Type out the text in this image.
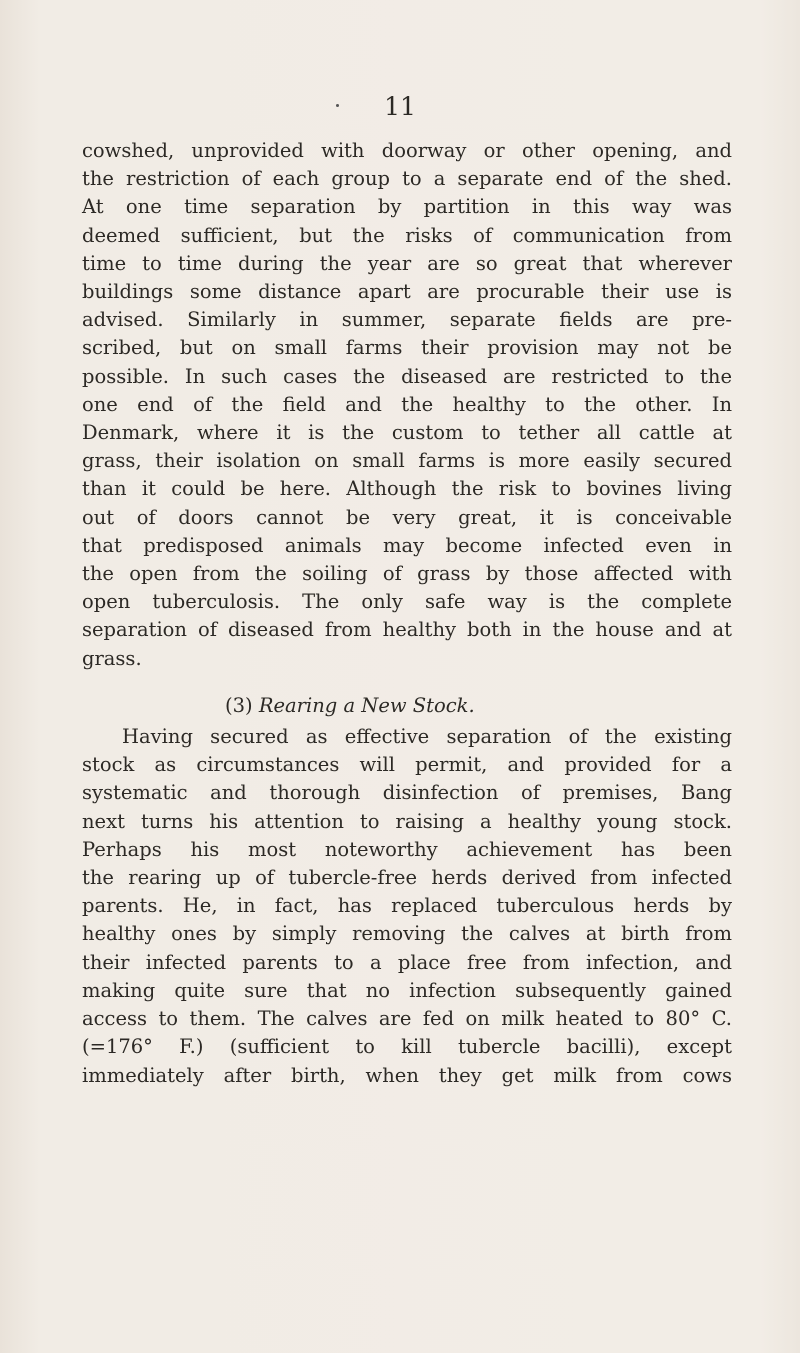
11
cowshed, unprovided with doorway or other opening, and
the restriction of each group to a separate end of the shed.
At one time separation by partition in this way was
deemed sufficient, but the risks of communication from
time to time during the year are so great that wherever
buildings some distance apart are procurable their use is
advised. Similarly in summer, separate fields are pre-
scribed, but on small farms their provision may not be
possible. In such cases the diseased are restricted to the
one end of the field and the healthy to the other. In
Denmark, where it is the custom to tether all cattle at
grass, their isolation on small farms is more easily secured
than it could be here. Although the risk to bovines living
out of doors cannot be very great, it is conceivable
that predisposed animals may become infected even in
the open from the soiling of grass by those affected with
open tuberculosis. The only safe way is the complete
separation of diseased from healthy both in the house and at
grass.
(3) Rearing a New Stock.
Having secured as effective separation of the existing
stock as circumstances will permit, and provided for a
systematic and thorough disinfection of premises, Bang
next turns his attention to raising a healthy young stock.
Perhaps his most noteworthy achievement has been
the rearing up of tubercle-free herds derived from infected
parents. He, in fact, has replaced tuberculous herds by
healthy ones by simply removing the calves at birth from
their infected parents to a place free from infection, and
making quite sure that no infection subsequently gained
access to them. The calves are fed on milk heated to 80° C.
(=176° F.) (sufficient to kill tubercle bacilli), except
immediately after birth, when they get milk from cows
